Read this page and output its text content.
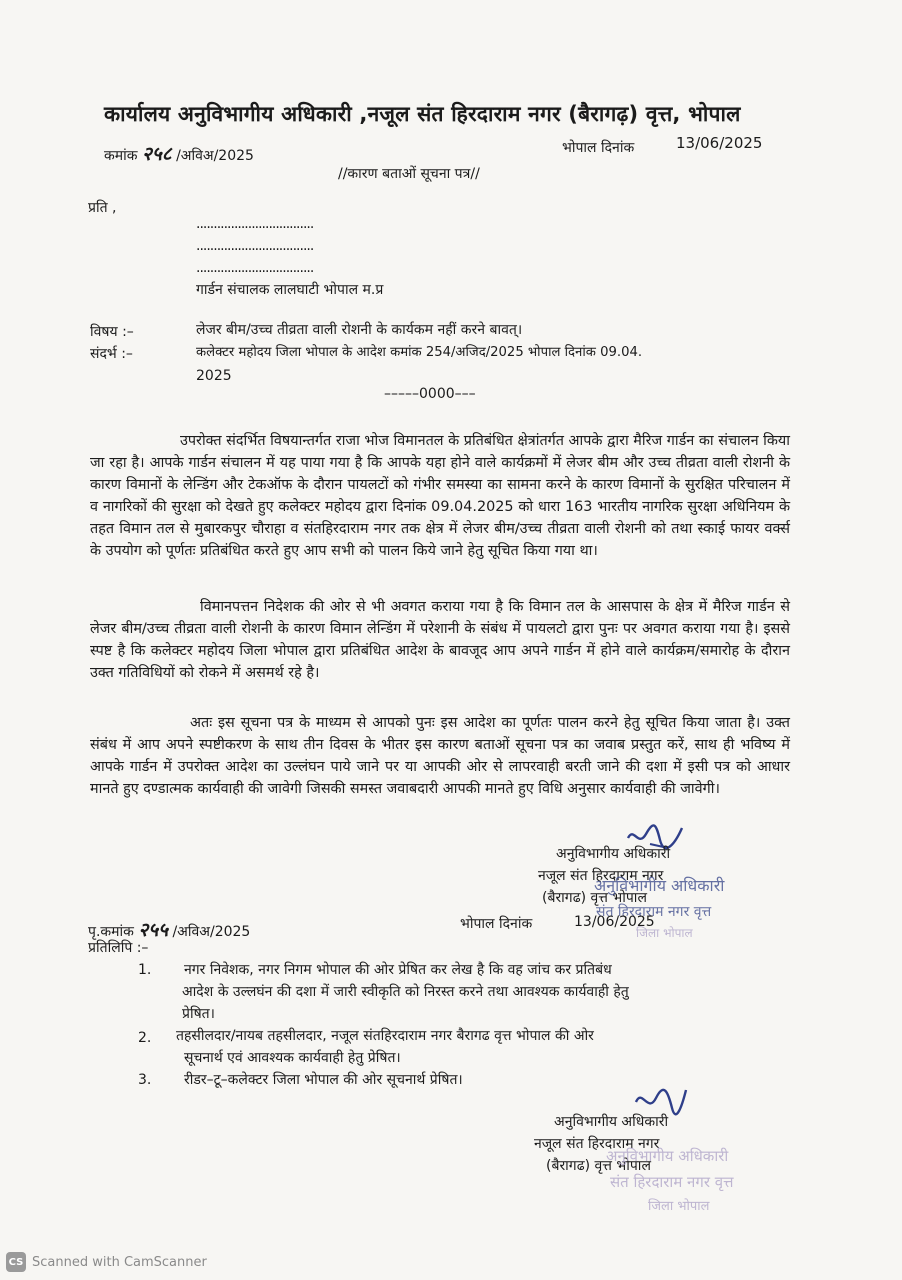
कार्यालय अनुविभागीय अधिकारी ,नजूल संत हिरदाराम नगर (बैरागढ़) वृत्त, भोपाल
कमांक २५८ /अविअ/2025	भोपाल दिनांक	13/06/2025
//कारण बताओं सूचना पत्र//
प्रति ,
..................................
..................................
..................................
गार्डन संचालक लालघाटी भोपाल म.प्र
विषय :–	लेजर बीम/उच्च तीव्रता वाली रोशनी के कार्यकम नहीं करने बावत्।
संदर्भ :–	कलेक्टर महोदय जिला भोपाल के आदेश कमांक 254/अजिद/2025 भोपाल दिनांक 09.04.
2025
–––––0000–––
उपरोक्त संदर्भित विषयान्तर्गत राजा भोज विमानतल के प्रतिबंधित क्षेत्रांतर्गत आपके द्वारा मैरिज गार्डन का संचालन किया जा रहा है। आपके गार्डन संचालन में यह पाया गया है कि आपके यहा होने वाले कार्यक्रमों में लेजर बीम और उच्च तीव्रता वाली रोशनी के कारण विमानों के लेन्डिंग और टेकऑफ के दौरान पायलटों को गंभीर समस्या का सामना करने के कारण विमानों के सुरक्षित परिचालन में व नागरिकों की सुरक्षा को देखते हुए कलेक्टर महोदय द्वारा दिनांक 09.04.2025 को धारा 163 भारतीय नागरिक सुरक्षा अधिनियम के तहत विमान तल से मुबारकपुर चौराहा व संतहिरदाराम नगर तक क्षेत्र में लेजर बीम/उच्च तीव्रता वाली रोशनी को तथा स्काई फायर वर्क्स के उपयोग को पूर्णतः प्रतिबंधित करते हुए आप सभी को पालन किये जाने हेतु सूचित किया गया था।
विमानपत्तन निदेशक की ओर से भी अवगत कराया गया है कि विमान तल के आसपास के क्षेत्र में मैरिज गार्डन से लेजर बीम/उच्च तीव्रता वाली रोशनी के कारण विमान लेन्डिंग में परेशानी के संबंध में पायलटो द्वारा पुनः पर अवगत कराया गया है। इससे स्पष्ट है कि कलेक्टर महोदय जिला भोपाल द्वारा प्रतिबंधित आदेश के बावजूद आप अपने गार्डन में होने वाले कार्यक्रम/समारोह के दौरान उक्त गतिविधियों को रोकने में असमर्थ रहे है।
अतः इस सूचना पत्र के माध्यम से आपको पुनः इस आदेश का पूर्णतः पालन करने हेतु सूचित किया जाता है। उक्त संबंध में आप अपने स्पष्टीकरण के साथ तीन दिवस के भीतर इस कारण बताओं सूचना पत्र का जवाब प्रस्तुत करें, साथ ही भविष्य में आपके गार्डन में उपरोक्त आदेश का उल्लंघन पाये जाने पर या आपकी ओर से लापरवाही बरती जाने की दशा में इसी पत्र को आधार मानते हुए दण्डात्मक कार्यवाही की जावेगी जिसकी समस्त जवाबदारी आपकी मानते हुए विधि अनुसार कार्यवाही की जावेगी।
अनुविभागीय अधिकारी
नजूल संत हिरदाराम नगर
(बैरागढ) वृत्त भोपाल
अनुविभागीय अधिकारी
संत हिरदाराम नगर वृत्त
जिला भोपाल
पृ.कमांक २५५ /अविअ/2025	भोपाल दिनांक	13/06/2025
प्रतिलिपि :–
1. नगर निवेशक, नगर निगम भोपाल की ओर प्रेषित कर लेख है कि वह जांच कर प्रतिबंध
आदेश के उल्लघंन की दशा में जारी स्वीकृति को निरस्त करने तथा आवश्यक कार्यवाही हेतु
प्रेषित।
2. तहसीलदार/नायब तहसीलदार, नजूल संतहिरदाराम नगर बैरागढ वृत्त भोपाल की ओर
सूचनार्थ एवं आवश्यक कार्यवाही हेतु प्रेषित।
3. रीडर–टू–कलेक्टर जिला भोपाल की ओर सूचनार्थ प्रेषित।
अनुविभागीय अधिकारी
नजूल संत हिरदाराम नगर
(बैरागढ) वृत्त भोपाल
अनुविभागीय अधिकारी
संत हिरदाराम नगर वृत्त
जिला भोपाल
CS Scanned with CamScanner
